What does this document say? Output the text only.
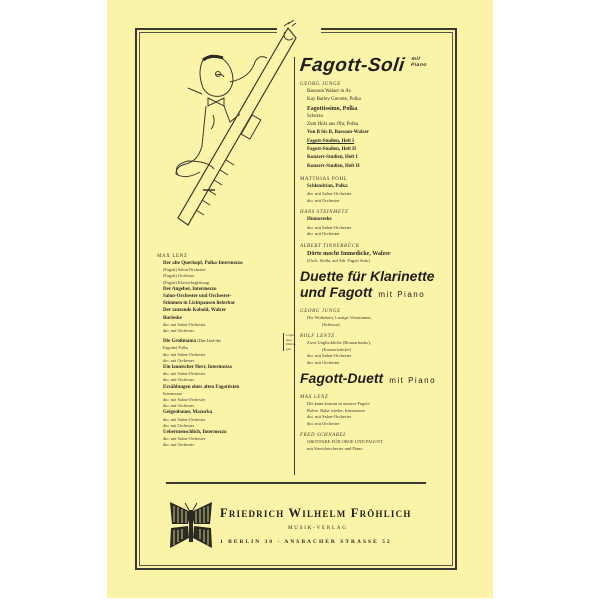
Fagott-Soli mit
Piano
GEORG JUNGE
Bassoon Walzer in As
Kay Barley Gavotte, Polka
Fagottissimo, Polka
Scherzo
Zum Holz aus Ohr, Polka
Von B bis B, Bassoon-Walzer
Fagott-Studien, Heft I
Fagott-Studien, Heft II
Konzert-Studien, Heft I
Konzert-Studien, Heft II
MATTHIAS POHL
Schlendrian, Polka
dto. mit Salon-Orchester
dto. mit Orchester
HANS STEINMETZ
Humoreske
dto. mit Salon-Orchester
dto. mit Orchester
ALBERT TINNEBRÜCK
Dörte mocht Immedicke, Walzer
(Orch. Stella, auf Sdt. Fagott Solo)
Duette für Klarinette
und Fagott mit Piano
GEORG JUNGE
Die Wolkebett, Lustige Variationen,
(Scherzo)
ROLF LENTZ
Zwei Unglückliche (Bramarbasko),
(Konzertstücke)
dto. mit Salon-Orchester
dto. mit Orchester
Fagott-Duett mit Piano
MAX LENZ
Die kann kommt in unserer Fagott-
Rohre. Rahe wieder, Intermezzo
dto. mit Salon-Orchester
dto. mit Orchester
FRED SCHNABEL
GROTESKE FÜR OBOE UND FAGOTT
mit Streichorchester und Piano
MAX LENZ
Der alte Querkopf, Polka-Intermezzo
(Fagott) Salon-Orchester
(Fagott) Orchester
(Fagott) Klavierbegleitung
Der Angeber, Intermezzo
Salon-Orchester und Orchester-
Stimmen in Lichtpausen lieferbar
Der tanzende Kobold, Walzer
Burleske
dto. mit Salon-Orchester
dto. mit Orchester
Die Großmama (Das Lied der
Fagotte) Polka
dto. mit Salon-Orchester
dto. mit Orchester
Ein launischer Herr, Intermezzo
dto. mit Salon-Orchester
dto. mit Orchester
Erzählungen eines alten Fagottisten
Intermezzo
dto. mit Salon-Orchester
dto. mit Orchester
Geigenbauer, Mazurka
dto. mit Salon-Orchester
dto. mit Orchester
Uebermenschlich, Intermezzo
dto. mit Salon-Orchester
dto. mit Orchester
Lager-
Aus-
führun-
gen
Friedrich Wilhelm Fröhlich
MUSIK-VERLAG
1 BERLIN 30 - ANSBACHER STRASSE 52
